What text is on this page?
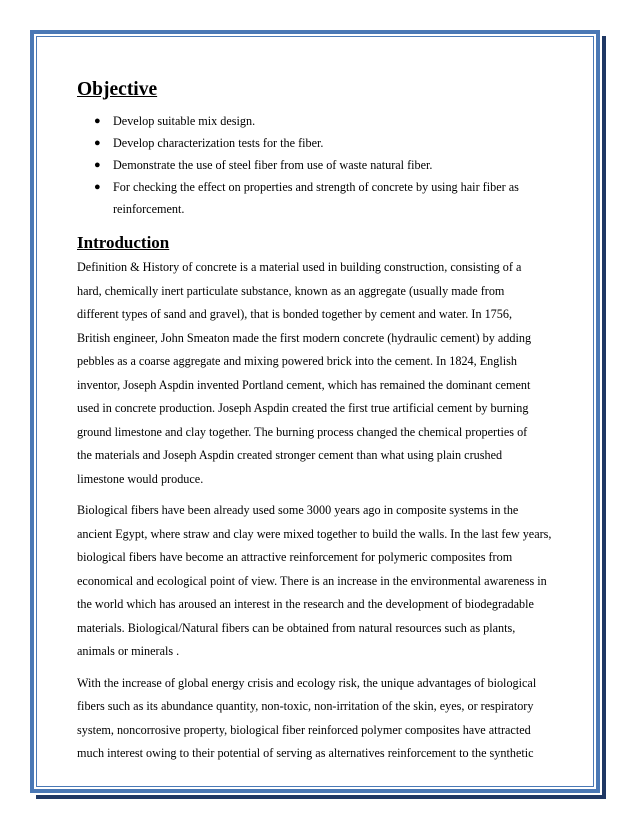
Objective
● Develop suitable mix design.
● Develop characterization tests for the fiber.
● Demonstrate the use of steel fiber from use of waste natural fiber.
● For checking the effect on properties and strength of concrete by using hair fiber as reinforcement.
Introduction
Definition & History of concrete is a material used in building construction, consisting of a
hard, chemically inert particulate substance, known as an aggregate (usually made from
different types of sand and gravel), that is bonded together by cement and water. In 1756,
British engineer, John Smeaton made the first modern concrete (hydraulic cement) by adding
pebbles as a coarse aggregate and mixing powered brick into the cement. In 1824, English
inventor, Joseph Aspdin invented Portland cement, which has remained the dominant cement
used in concrete production. Joseph Aspdin created the first true artificial cement by burning
ground limestone and clay together. The burning process changed the chemical properties of
the materials and Joseph Aspdin created stronger cement than what using plain crushed
limestone would produce.
Biological fibers have been already used some 3000 years ago in composite systems in the
ancient Egypt, where straw and clay were mixed together to build the walls. In the last few years,
biological fibers have become an attractive reinforcement for polymeric composites from
economical and ecological point of view. There is an increase in the environmental awareness in
the world which has aroused an interest in the research and the development of biodegradable
materials. Biological/Natural fibers can be obtained from natural resources such as plants,
animals or minerals .
With the increase of global energy crisis and ecology risk, the unique advantages of biological
fibers such as its abundance quantity, non-toxic, non-irritation of the skin, eyes, or respiratory
system, noncorrosive property, biological fiber reinforced polymer composites have attracted
much interest owing to their potential of serving as alternatives reinforcement to the synthetic
